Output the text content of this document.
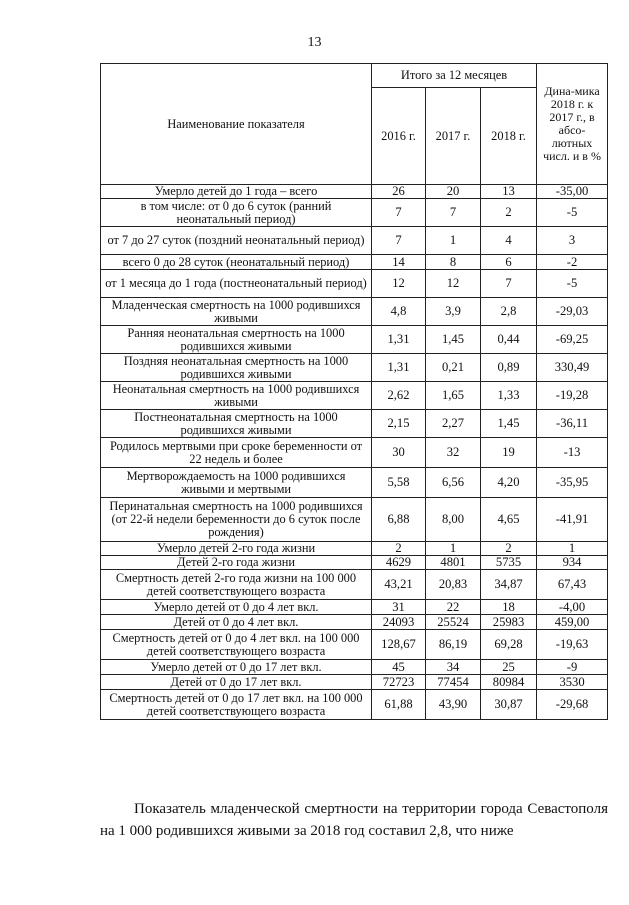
13
Наименование показателя	Итого за 12 месяцев			Дина-мика 2018 г. к 2017 г., в абсо-лютных числ. и в %
	2016 г.	2017 г.	2018 г.	
Умерло детей до 1 года – всего	26	20	13	-35,00
в том числе: от 0 до 6 суток (ранний неонатальный период)	7	7	2	-5
от 7 до 27 суток (поздний неонатальный период)	7	1	4	3
всего 0 до 28 суток (неонатальный период)	14	8	6	-2
от 1 месяца до 1 года (постнеонатальный период)	12	12	7	-5
Младенческая смертность на 1000 родившихся живыми	4,8	3,9	2,8	-29,03
Ранняя неонатальная смертность на 1000 родившихся живыми	1,31	1,45	0,44	-69,25
Поздняя неонатальная смертность на 1000 родившихся живыми	1,31	0,21	0,89	330,49
Неонатальная смертность на 1000 родившихся живыми	2,62	1,65	1,33	-19,28
Постнеонатальная смертность на 1000 родившихся живыми	2,15	2,27	1,45	-36,11
Родилось мертвыми при сроке беременности от 22 недель и более	30	32	19	-13
Мертворождаемость на 1000 родившихся живыми и мертвыми	5,58	6,56	4,20	-35,95
Перинатальная смертность на 1000 родившихся (от 22-й недели беременности до 6 суток после рождения)	6,88	8,00	4,65	-41,91
Умерло детей 2-го года жизни	2	1	2	1
Детей 2-го года жизни	4629	4801	5735	934
Смертность детей 2-го года жизни на 100 000 детей соответствующего возраста	43,21	20,83	34,87	67,43
Умерло детей от 0 до 4 лет вкл.	31	22	18	-4,00
Детей от 0 до 4 лет вкл.	24093	25524	25983	459,00
Смертность детей от 0 до 4 лет вкл. на 100 000 детей соответствующего возраста	128,67	86,19	69,28	-19,63
Умерло детей от 0 до 17 лет вкл.	45	34	25	-9
Детей от 0 до 17 лет вкл.	72723	77454	80984	3530
Смертность детей от 0 до 17 лет вкл. на 100 000 детей соответствующего возраста	61,88	43,90	30,87	-29,68
Показатель младенческой смертности на территории города Севастополя на 1 000 родившихся живыми за 2018 год составил 2,8, что ниже
